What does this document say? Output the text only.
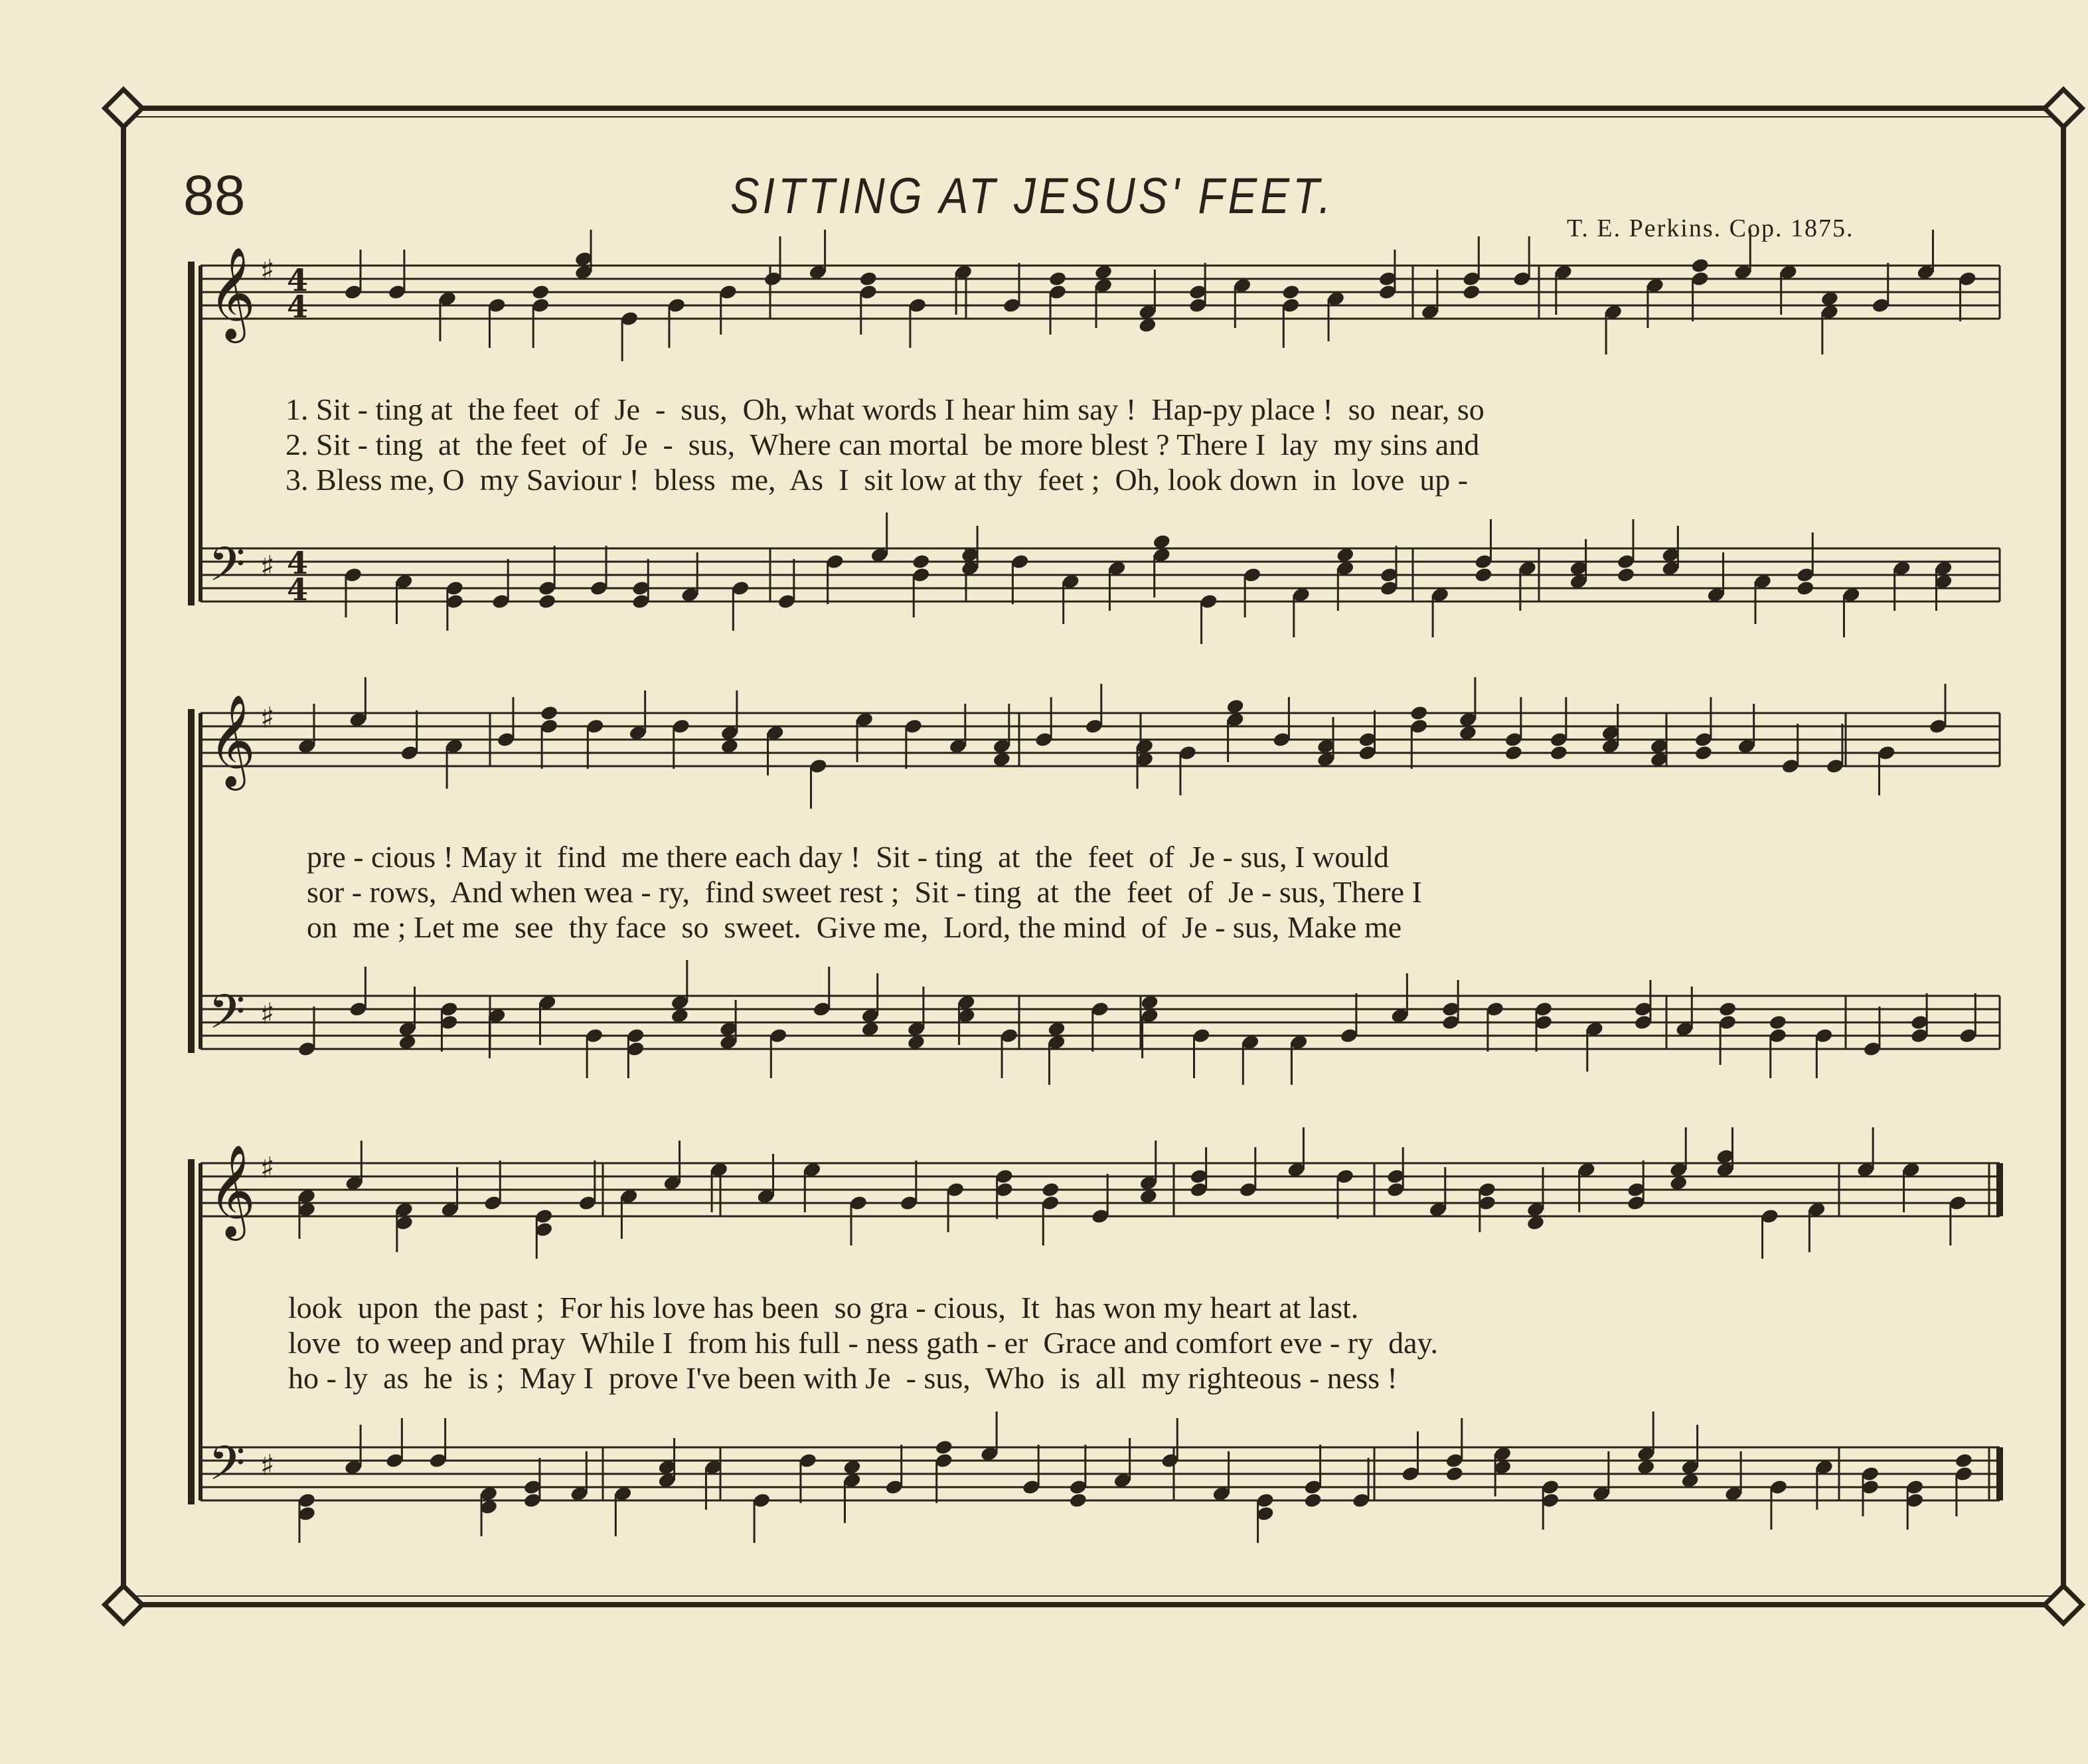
88	SITTING AT JESUS' FEET.
T. E. Perkins. Cop. 1875.
𝄞 ♯
𝄢 ♯
𝄞 ♯
𝄢 ♯
𝄞 ♯
𝄢 ♯
4
4
4
4
1. Sit - ting at  the feet  of  Je  -  sus,  Oh, what words I hear him say !  Hap-py place !  so  near, so
2. Sit - ting  at  the feet  of  Je  -  sus,  Where can mortal  be more blest ? There I  lay  my sins and
3. Bless me, O  my Saviour !  bless  me,  As  I  sit low at thy  feet ;  Oh, look down  in  love  up -
pre - cious ! May it  find  me there each day !  Sit - ting  at  the  feet  of  Je - sus, I would
sor - rows,  And when wea - ry,  find sweet rest ;  Sit - ting  at  the  feet  of  Je - sus, There I
on  me ; Let me  see  thy face  so  sweet.  Give me,  Lord, the mind  of  Je - sus, Make me
look  upon  the past ;  For his love has been  so gra - cious,  It  has won my heart at last.
love  to weep and pray  While I  from his full - ness gath - er  Grace and comfort eve - ry  day.
ho - ly  as  he  is ;  May I  prove I've been with Je  - sus,  Who  is  all  my righteous - ness !
